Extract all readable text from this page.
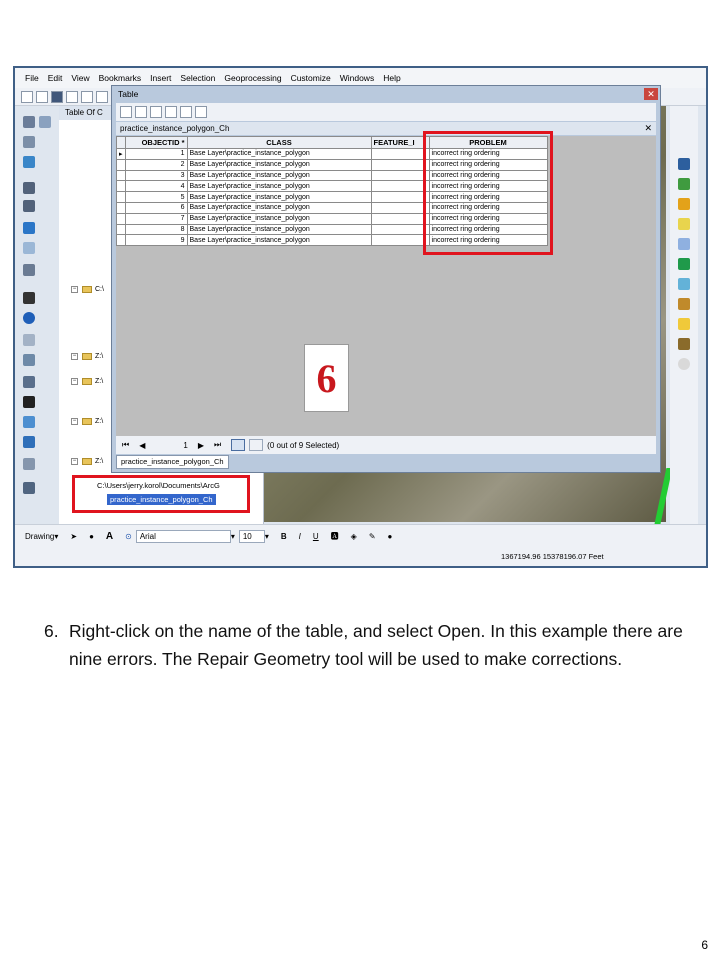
File Edit View Bookmarks Insert Selection Geoprocessing Customize Windows Help
Table Of C
−	C:\
−	Z:\
−	Z:\
−	Z:\
−	Z:\
C:\Users\jerry.korol\Documents\ArcG
practice_instance_polygon_Ch
Table	✕
practice_instance_polygon_Ch	✕
	OBJECTID *	CLASS	FEATURE_I	PROBLEM
▸	1	Base Layer\practice_instance_polygon		incorrect ring ordering
	2	Base Layer\practice_instance_polygon		incorrect ring ordering
	3	Base Layer\practice_instance_polygon		incorrect ring ordering
	4	Base Layer\practice_instance_polygon		incorrect ring ordering
	5	Base Layer\practice_instance_polygon		incorrect ring ordering
	6	Base Layer\practice_instance_polygon		incorrect ring ordering
	7	Base Layer\practice_instance_polygon		incorrect ring ordering
	8	Base Layer\practice_instance_polygon		incorrect ring ordering
	9	Base Layer\practice_instance_polygon		incorrect ring ordering
⏮ ◀	1 ▶ ⏭	(0 out of 9 Selected)
practice_instance_polygon_Ch
Drawing ▾ ➤ ● A ⊙	Arial	▾	10	▾ B I U 🅰 ◈ ✎ ●
1367194.96 15378196.07 Feet
6
6. Right-click on the name of the table, and select Open. In this example there are nine errors. The Repair Geometry tool will be used to make corrections.
6
